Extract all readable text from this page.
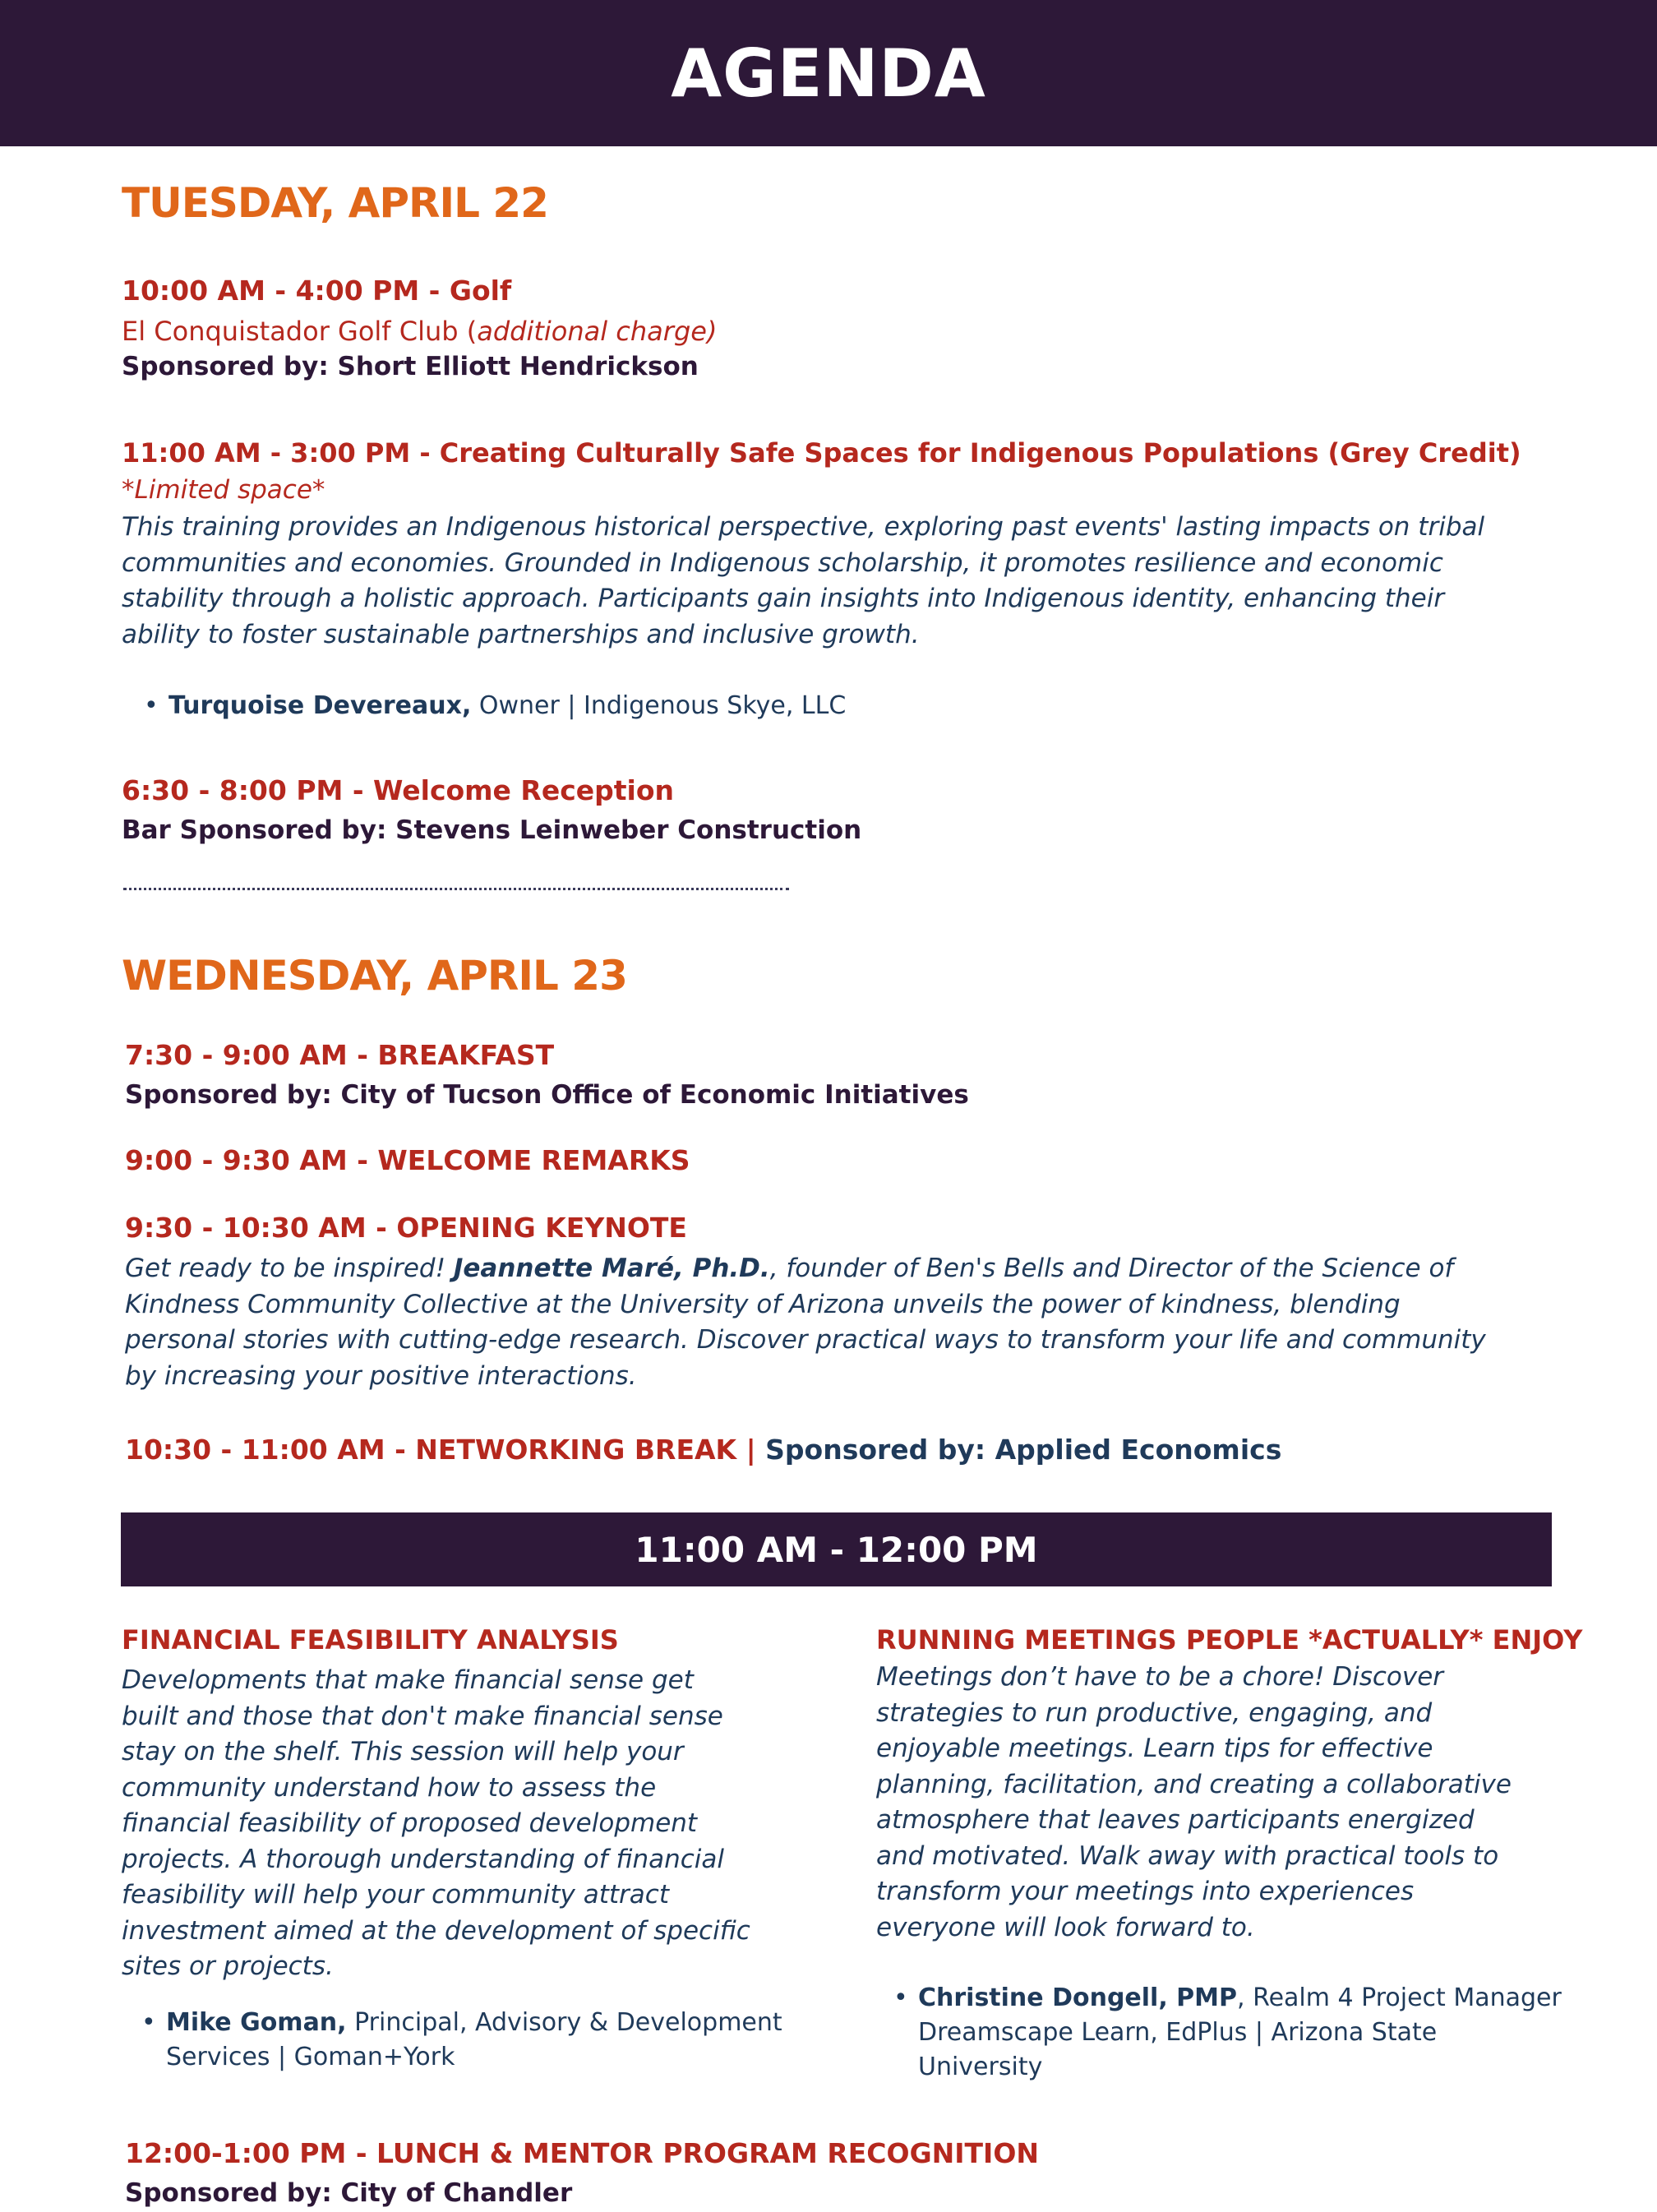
AGENDA
TUESDAY, APRIL 22
10:00 AM - 4:00 PM - Golf
El Conquistador Golf Club (additional charge)
Sponsored by: Short Elliott Hendrickson
11:00 AM - 3:00 PM - Creating Culturally Safe Spaces for Indigenous Populations (Grey Credit)
*Limited space*
This training provides an Indigenous historical perspective, exploring past events' lasting impacts on tribal
communities and economies. Grounded in Indigenous scholarship, it promotes resilience and economic
stability through a holistic approach. Participants gain insights into Indigenous identity, enhancing their
ability to foster sustainable partnerships and inclusive growth.
• Turquoise Devereaux, Owner | Indigenous Skye, LLC
6:30 - 8:00 PM - Welcome Reception
Bar Sponsored by: Stevens Leinweber Construction
WEDNESDAY, APRIL 23
7:30 - 9:00 AM - BREAKFAST
Sponsored by: City of Tucson Office of Economic Initiatives
9:00 - 9:30 AM - WELCOME REMARKS
9:30 - 10:30 AM - OPENING KEYNOTE
Get ready to be inspired! Jeannette Maré, Ph.D., founder of Ben's Bells and Director of the Science of
Kindness Community Collective at the University of Arizona unveils the power of kindness, blending
personal stories with cutting-edge research. Discover practical ways to transform your life and community
by increasing your positive interactions.
10:30 - 11:00 AM - NETWORKING BREAK | Sponsored by: Applied Economics
11:00 AM - 12:00 PM
FINANCIAL FEASIBILITY ANALYSIS
Developments that make financial sense get
built and those that don't make financial sense
stay on the shelf. This session will help your
community understand how to assess the
financial feasibility of proposed development
projects. A thorough understanding of financial
feasibility will help your community attract
investment aimed at the development of specific
sites or projects.
• Mike Goman, Principal, Advisory & Development
Services | Goman+York
RUNNING MEETINGS PEOPLE *ACTUALLY* ENJOY
Meetings don’t have to be a chore! Discover
strategies to run productive, engaging, and
enjoyable meetings. Learn tips for effective
planning, facilitation, and creating a collaborative
atmosphere that leaves participants energized
and motivated. Walk away with practical tools to
transform your meetings into experiences
everyone will look forward to.
• Christine Dongell, PMP, Realm 4 Project Manager
Dreamscape Learn, EdPlus | Arizona State
University
12:00-1:00 PM - LUNCH & MENTOR PROGRAM RECOGNITION
Sponsored by: City of Chandler
